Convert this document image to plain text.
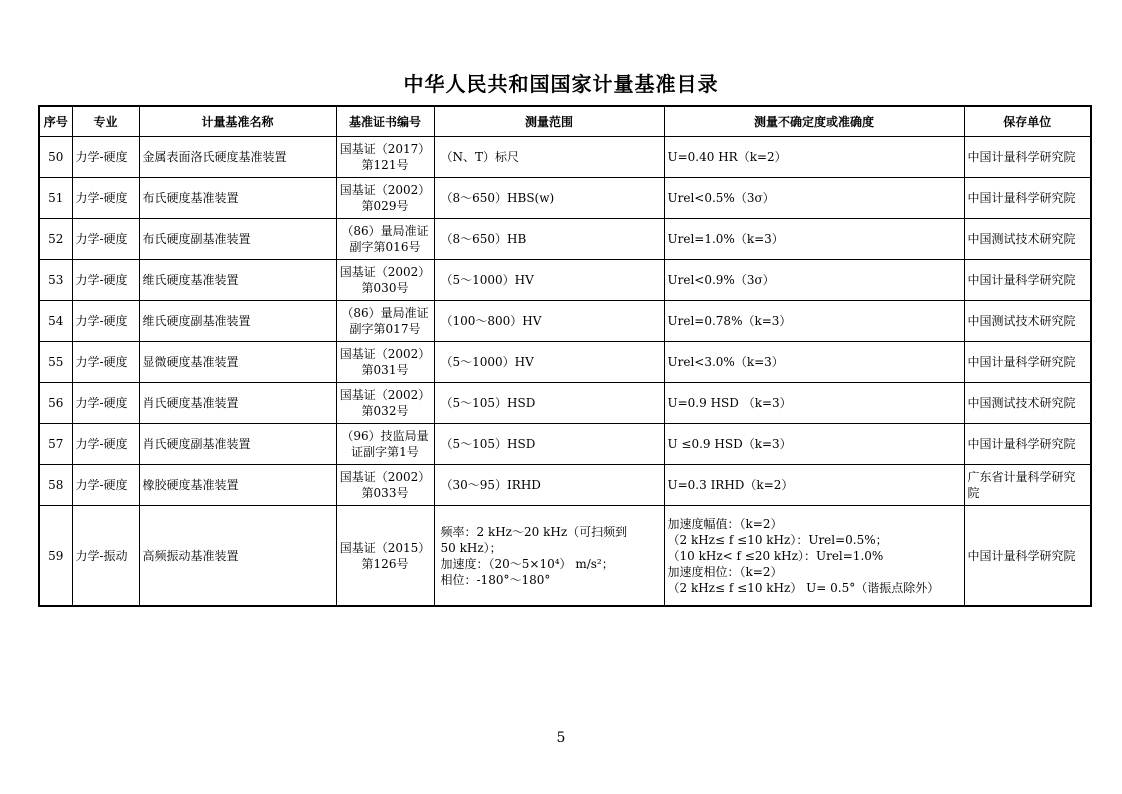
中华人民共和国国家计量基准目录
序号	专业	计量基准名称	基准证书编号	测量范围	测量不确定度或准确度	保存单位
50	力学-硬度	金属表面洛氏硬度基准装置	国基证（2017）
第121号	（N、T）标尺	U=0.40 HR（k=2）	中国计量科学研究院
51	力学-硬度	布氏硬度基准装置	国基证（2002）
第029号	（8～650）HBS(w)	Urel<0.5%（3σ）	中国计量科学研究院
52	力学-硬度	布氏硬度副基准装置	（86）量局准证
副字第016号	（8～650）HB	Urel=1.0%（k=3）	中国测试技术研究院
53	力学-硬度	维氏硬度基准装置	国基证（2002）
第030号	（5～1000）HV	Urel<0.9%（3σ）	中国计量科学研究院
54	力学-硬度	维氏硬度副基准装置	（86）量局准证
副字第017号	（100～800）HV	Urel=0.78%（k=3）	中国测试技术研究院
55	力学-硬度	显微硬度基准装置	国基证（2002）
第031号	（5～1000）HV	Urel<3.0%（k=3）	中国计量科学研究院
56	力学-硬度	肖氏硬度基准装置	国基证（2002）
第032号	（5～105）HSD	U=0.9 HSD （k=3）	中国测试技术研究院
57	力学-硬度	肖氏硬度副基准装置	（96）技监局量
证副字第1号	（5～105）HSD	U ≤0.9 HSD（k=3）	中国计量科学研究院
58	力学-硬度	橡胶硬度基准装置	国基证（2002）
第033号	（30～95）IRHD	U=0.3 IRHD（k=2）	广东省计量科学研究
院
59	力学-振动	高频振动基准装置	国基证（2015）
第126号	频率：2 kHz～20 kHz（可扫频到
50 kHz）；
加速度：（20～5×10⁴） m/s²；
相位：-180°～180°	加速度幅值：（k=2）
（2 kHz≤ f ≤10 kHz）：Urel=0.5%；
（10 kHz< f ≤20 kHz）：Urel=1.0%
加速度相位：（k=2）
（2 kHz≤ f ≤10 kHz） U= 0.5°（谐振点除外）	中国计量科学研究院
5
